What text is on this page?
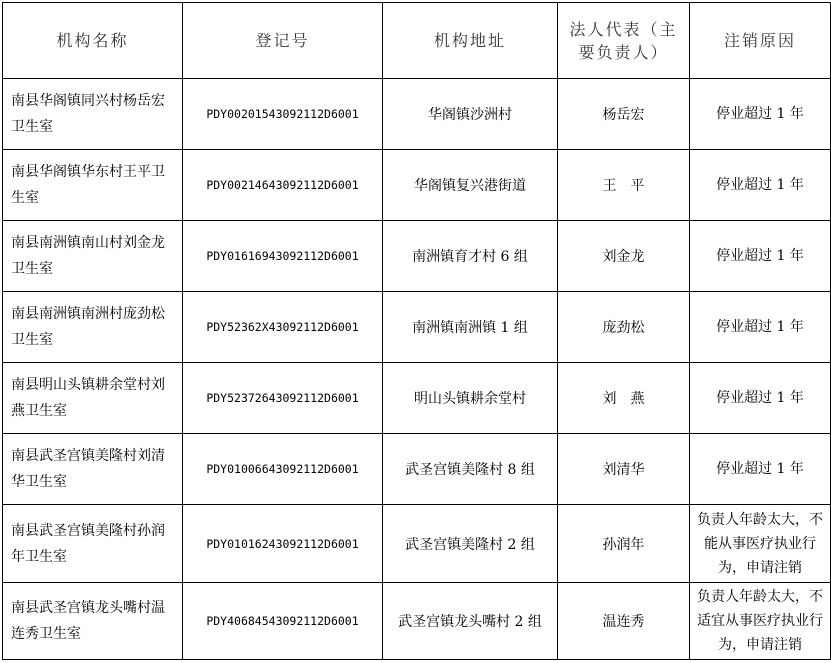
机构名称	登记号	机构地址	法人代表（主要负责人）	注销原因
南县华阁镇同兴村杨岳宏卫生室	PDY00201543092112D6001	华阁镇沙洲村	杨岳宏	停业超过 1 年
南县华阁镇华东村王平卫生室	PDY00214643092112D6001	华阁镇复兴港街道	王　平	停业超过 1 年
南县南洲镇南山村刘金龙卫生室	PDY01616943092112D6001	南洲镇育才村 6 组	刘金龙	停业超过 1 年
南县南洲镇南洲村庞劲松卫生室	PDY52362X43092112D6001	南洲镇南洲镇 1 组	庞劲松	停业超过 1 年
南县明山头镇耕余堂村刘燕卫生室	PDY52372643092112D6001	明山头镇耕余堂村	刘　燕	停业超过 1 年
南县武圣宫镇美隆村刘清华卫生室	PDY01006643092112D6001	武圣宫镇美隆村 8 组	刘清华	停业超过 1 年
南县武圣宫镇美隆村孙润年卫生室	PDY01016243092112D6001	武圣宫镇美隆村 2 组	孙润年	负责人年龄太大，不能从事医疗执业行为，申请注销
南县武圣宫镇龙头嘴村温连秀卫生室	PDY40684543092112D6001	武圣宫镇龙头嘴村 2 组	温连秀	负责人年龄太大，不适宜从事医疗执业行为，申请注销
